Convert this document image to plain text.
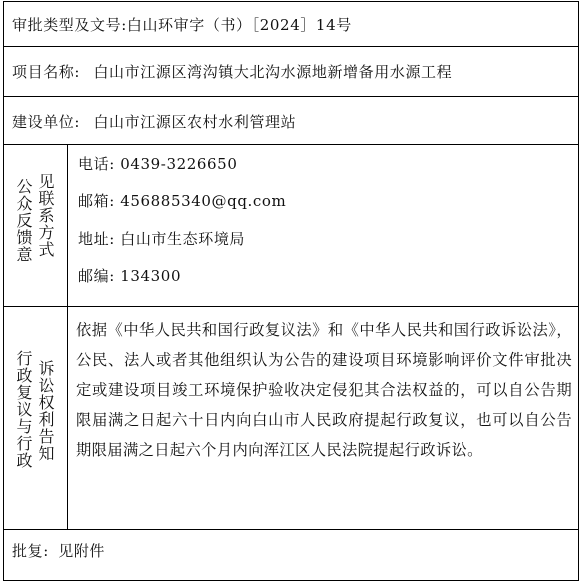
审批类型及文号:白山环审字（书）［2024］14号
项目名称: 白山市江源区湾沟镇大北沟水源地新增备用水源工程
建设单位: 白山市江源区农村水利管理站
见联系方式
公众反馈意
电话: 0439-3226650
邮箱: 456885340@qq.com
地址: 白山市生态环境局
邮编: 134300
诉讼权利告知
行政复议与行政
依据《中华人民共和国行政复议法》和《中华人民共和国行政诉讼法》，公民、法人或者其他组织认为公告的建设项目环境影响评价文件审批决定或建设项目竣工环境保护验收决定侵犯其合法权益的，可以自公告期限届满之日起六十日内向白山市人民政府提起行政复议，也可以自公告期限届满之日起六个月内向浑江区人民法院提起行政诉讼。
批复: 见附件
